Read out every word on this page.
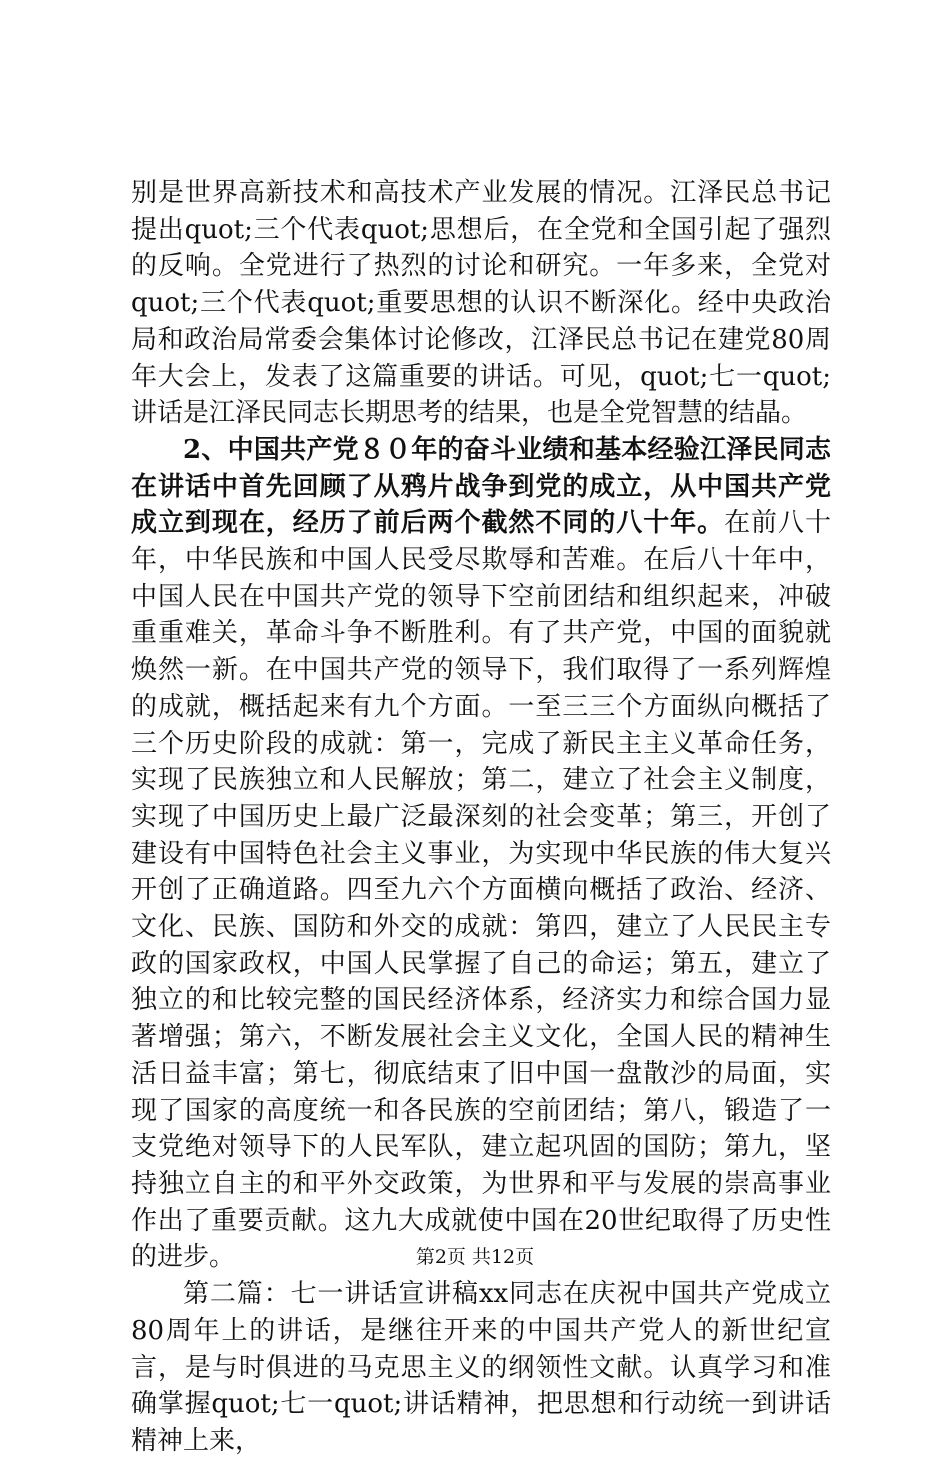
别是世界高新技术和高技术产业发展的情况。江泽民总书记提出quot;三个代表quot;思想后，在全党和全国引起了强烈的反响。全党进行了热烈的讨论和研究。一年多来，全党对quot;三个代表quot;重要思想的认识不断深化。经中央政治局和政治局常委会集体讨论修改，江泽民总书记在建党80周年大会上，发表了这篇重要的讲话。可见，quot;七一quot;讲话是江泽民同志长期思考的结果，也是全党智慧的结晶。

2、中国共产党８０年的奋斗业绩和基本经验江泽民同志在讲话中首先回顾了从鸦片战争到党的成立，从中国共产党成立到现在，经历了前后两个截然不同的八十年。在前八十年，中华民族和中国人民受尽欺辱和苦难。在后八十年中，中国人民在中国共产党的领导下空前团结和组织起来，冲破重重难关，革命斗争不断胜利。有了共产党，中国的面貌就焕然一新。在中国共产党的领导下，我们取得了一系列辉煌的成就，概括起来有九个方面。一至三三个方面纵向概括了三个历史阶段的成就：第一，完成了新民主主义革命任务，实现了民族独立和人民解放；第二，建立了社会主义制度，实现了中国历史上最广泛最深刻的社会变革；第三，开创了建设有中国特色社会主义事业，为实现中华民族的伟大复兴开创了正确道路。四至九六个方面横向概括了政治、经济、文化、民族、国防和外交的成就：第四，建立了人民民主专政的国家政权，中国人民掌握了自己的命运；第五，建立了独立的和比较完整的国民经济体系，经济实力和综合国力显著增强；第六，不断发展社会主义文化，全国人民的精神生活日益丰富；第七，彻底结束了旧中国一盘散沙的局面，实现了国家的高度统一和各民族的空前团结；第八，锻造了一支党绝对领导下的人民军队，建立起巩固的国防；第九，坚持独立自主的和平外交政策，为世界和平与发展的崇高事业作出了重要贡献。这九大成就使中国在20世纪取得了历史性的进步。

第二篇：七一讲话宣讲稿xx同志在庆祝中国共产党成立80周年上的讲话，是继往开来的中国共产党人的新世纪宣言，是与时俱进的马克思主义的纲领性文献。认真学习和准确掌握quot;七一quot;讲话精神，把思想和行动统一到讲话精神上来，

第2页 共12页
